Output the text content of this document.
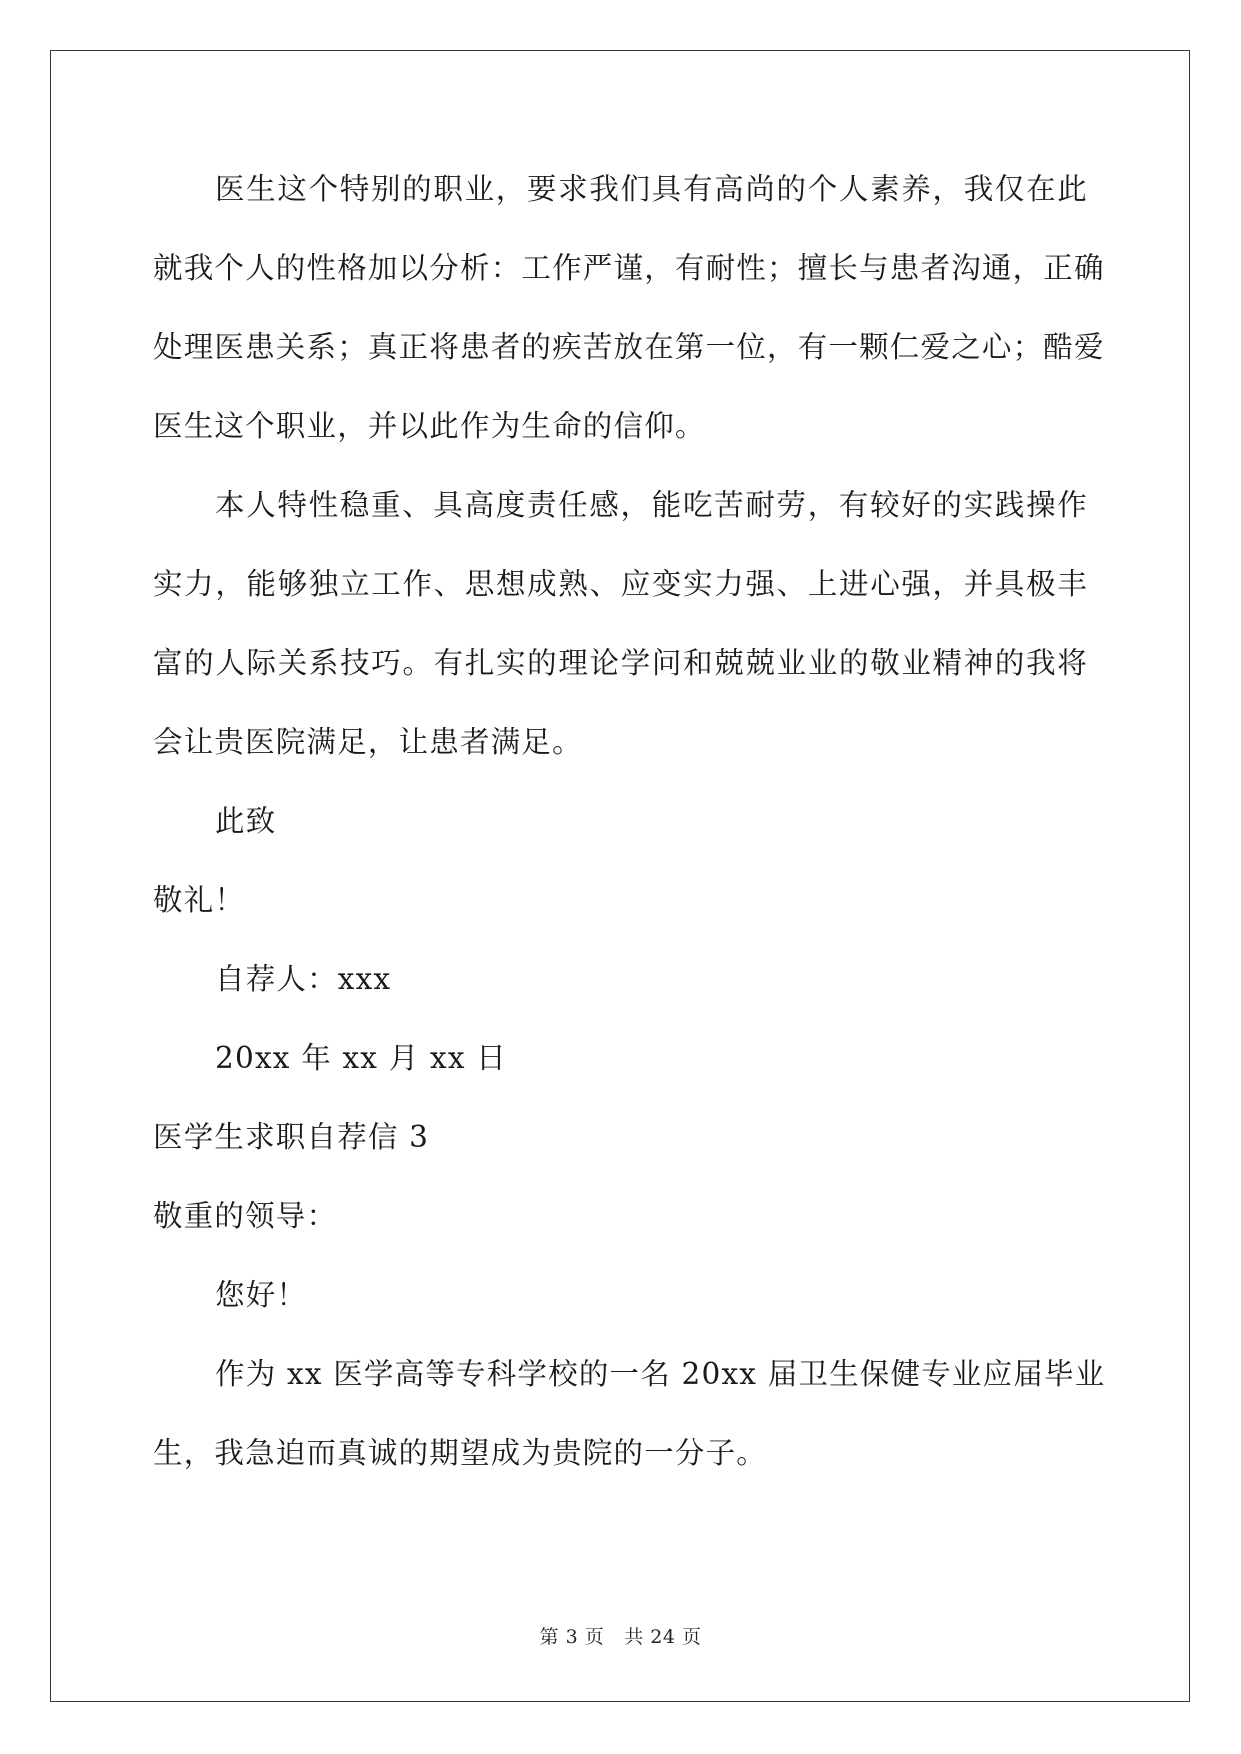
医生这个特别的职业，要求我们具有高尚的个人素养，我仅在此
就我个人的性格加以分析：工作严谨，有耐性；擅长与患者沟通，正确
处理医患关系；真正将患者的疾苦放在第一位，有一颗仁爱之心；酷爱
医生这个职业，并以此作为生命的信仰。
本人特性稳重、具高度责任感，能吃苦耐劳，有较好的实践操作
实力，能够独立工作、思想成熟、应变实力强、上进心强，并具极丰
富的人际关系技巧。有扎实的理论学问和兢兢业业的敬业精神的我将
会让贵医院满足，让患者满足。
此致
敬礼！
自荐人：xxx
20xx 年 xx 月 xx 日
医学生求职自荐信 3
敬重的领导：
您好！
作为 xx 医学高等专科学校的一名 20xx 届卫生保健专业应届毕业
生，我急迫而真诚的期望成为贵院的一分子。
第 3 页 共 24 页
